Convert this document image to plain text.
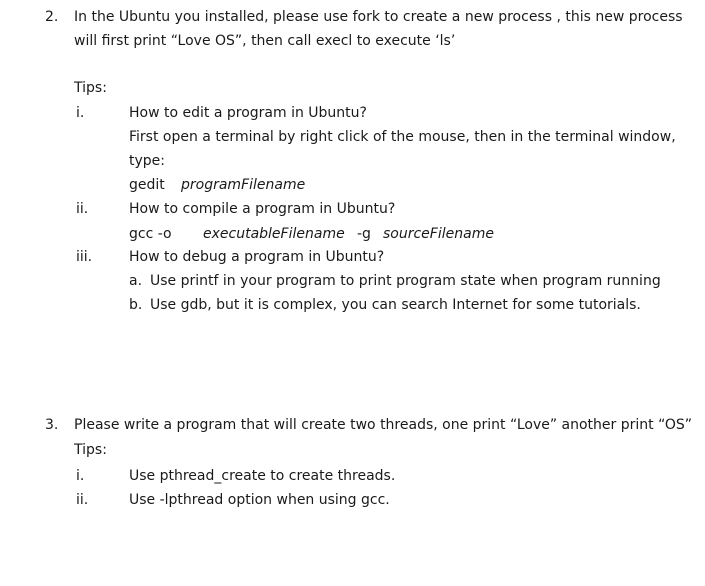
2. In the Ubuntu you installed, please use fork to create a new process , this new process
will first print “Love OS”, then call execl to execute ‘ls’
Tips:
i.	How to edit a program in Ubuntu?
First open a terminal by right click of the mouse, then in the terminal window,
type:
gedit programFilename
ii.	How to compile a program in Ubuntu?
gcc -o executableFilename -g sourceFilename
iii.	How to debug a program in Ubuntu?
a. Use printf in your program to print program state when program running
b. Use gdb, but it is complex, you can search Internet for some tutorials.
3. Please write a program that will create two threads, one print “Love” another print “OS”
Tips:
i.	Use pthread_create to create threads.
ii.	Use -lpthread option when using gcc.
